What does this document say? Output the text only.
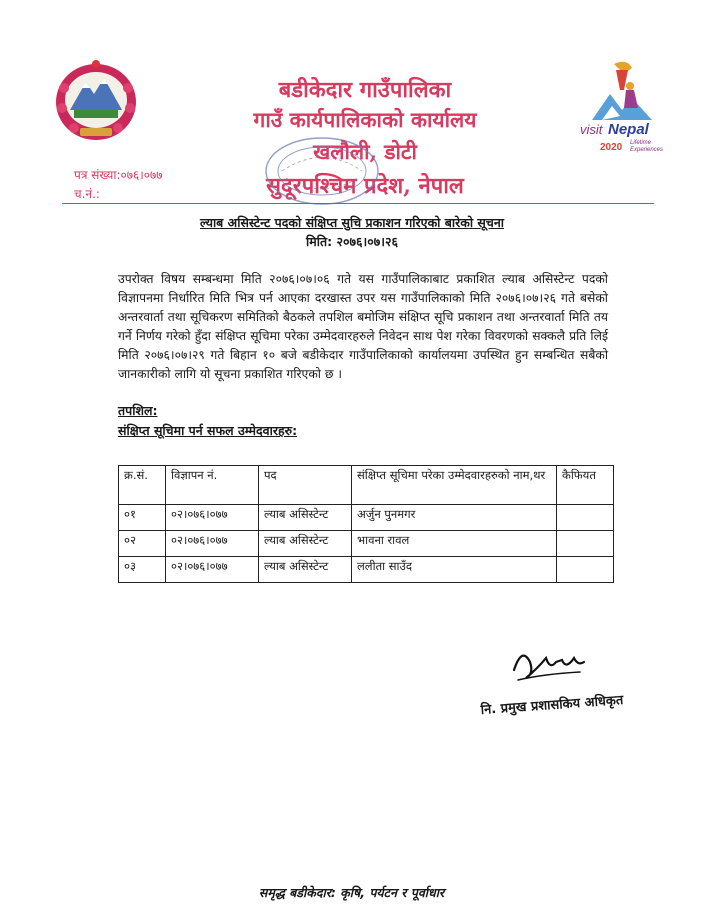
बडीकेदार गाउँपालिका
गाउँ कार्यपालिकाको कार्यालय
खलौली, डोटी
सुदूरपश्चिम प्रदेश, नेपाल
visit Nepal
2020 Lifetime
Experiences
पत्र संख्या:०७६।०७७
च.नं.:
ल्याब असिस्टेन्ट पदको संक्षिप्त सुचि प्रकाशन गरिएको बारेको सूचना
मिति: २०७६।०७।२६
उपरोक्त विषय सम्बन्धमा मिति २०७६।०७।०६ गते यस गाउँपालिकाबाट प्रकाशित ल्याब असिस्टेन्ट पदको विज्ञापनमा निर्धारित मिति भित्र पर्न आएका दरखास्त उपर यस गाउँपालिकाको मिति २०७६।०७।२६ गते बसेको अन्तरवार्ता तथा सूचिकरण समितिको बैठकले तपशिल बमोजिम संक्षिप्त सूचि प्रकाशन तथा अन्तरवार्ता मिति तय गर्ने निर्णय गरेको हुँदा संक्षिप्त सूचिमा परेका उम्मेदवारहरुले निवेदन साथ पेश गरेका विवरणको सक्कलै प्रति लिई मिति २०७६।०७।२९ गते बिहान १० बजे बडीकेदार गाउँपालिकाको कार्यालयमा उपस्थित हुन सम्बन्धित सबैको जानकारीको लागि यो सूचना प्रकाशित गरिएको छ ।
तपशिल:
संक्षिप्त सूचिमा पर्न सफल उम्मेदवारहरु:
क्र.सं.	विज्ञापन नं.	पद	संक्षिप्त सूचिमा परेका उम्मेदवारहरुको नाम,थर	कैफियत
०१	०२।०७६।०७७	ल्याब असिस्टेन्ट	अर्जुन पुनमगर	
०२	०२।०७६।०७७	ल्याब असिस्टेन्ट	भावना रावल	
०३	०२।०७६।०७७	ल्याब असिस्टेन्ट	ललीता साउँद	
नि. प्रमुख प्रशासकिय अधिकृत
समृद्ध बडीकेदार: कृषि, पर्यटन र पूर्वाधार
